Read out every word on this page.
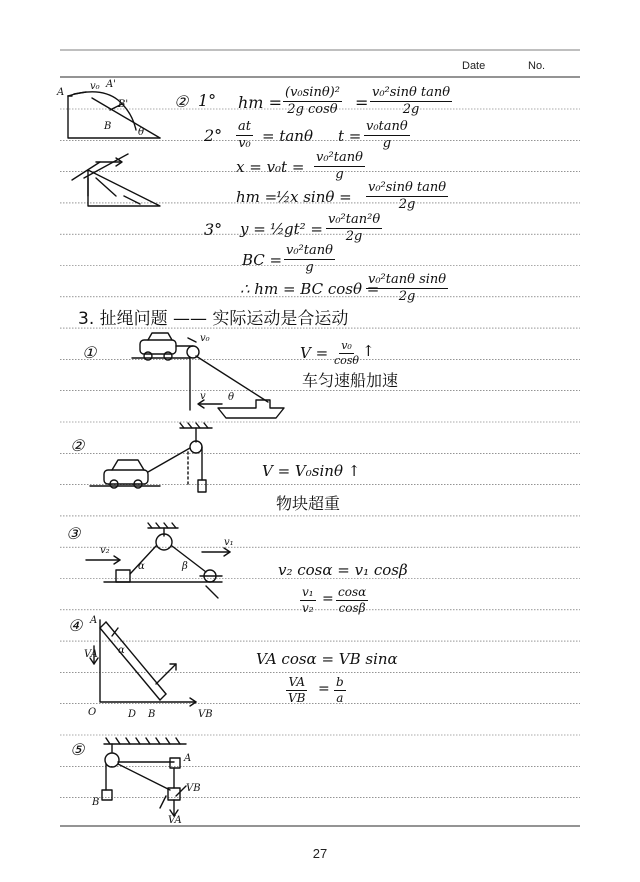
Date	No.
A
v₀ A'
B'
B
θ
② 1° hm = $\frac{\text{(v₀sinθ)²}}{\text{2g cosθ}} = \frac{\text{v₀²sinθ tanθ}}{2g}$
$2^\circ \frac{at}{\text{v₀}} = \tan\theta$ $t = \frac{\text{v₀tanθ}}{g}$
$x = v_0t = \frac{\text{v₀²tanθ}}{g}$
hm =
½ x $\sin\theta = \frac{\text{v₀²sinθ tanθ}}{2g}$
3° y = ½ $gt^2 = \frac{\text{v₀²tan²θ}}{2g}$
BC = $\frac{\text{v₀²tanθ}}{g}$
∴ hm = BC cosθ =
$\frac{\text{v₀²tanθ sinθ}}{2g}$
3. 扯绳问题 —— 实际运动是合运动
①
v₀
v θ
$V = \frac{\text{v₀}}{\cos\theta}$ ↑
车匀速船加速
②
V = V₀sinθ ↑
物块超重
③
v₂
v₁
α	β	v₂ cosα = v₁ cosβ
$\frac{\text{v₁}}{\text{v₂}} = \frac{\cos\alpha}{\cos\beta}$
④ A
VA
O	D B	VB
α	VA cosα = VB sinα
$\frac{VA}{VB} = \frac{b}{a}$
⑤	A
B
VB
VA
27
